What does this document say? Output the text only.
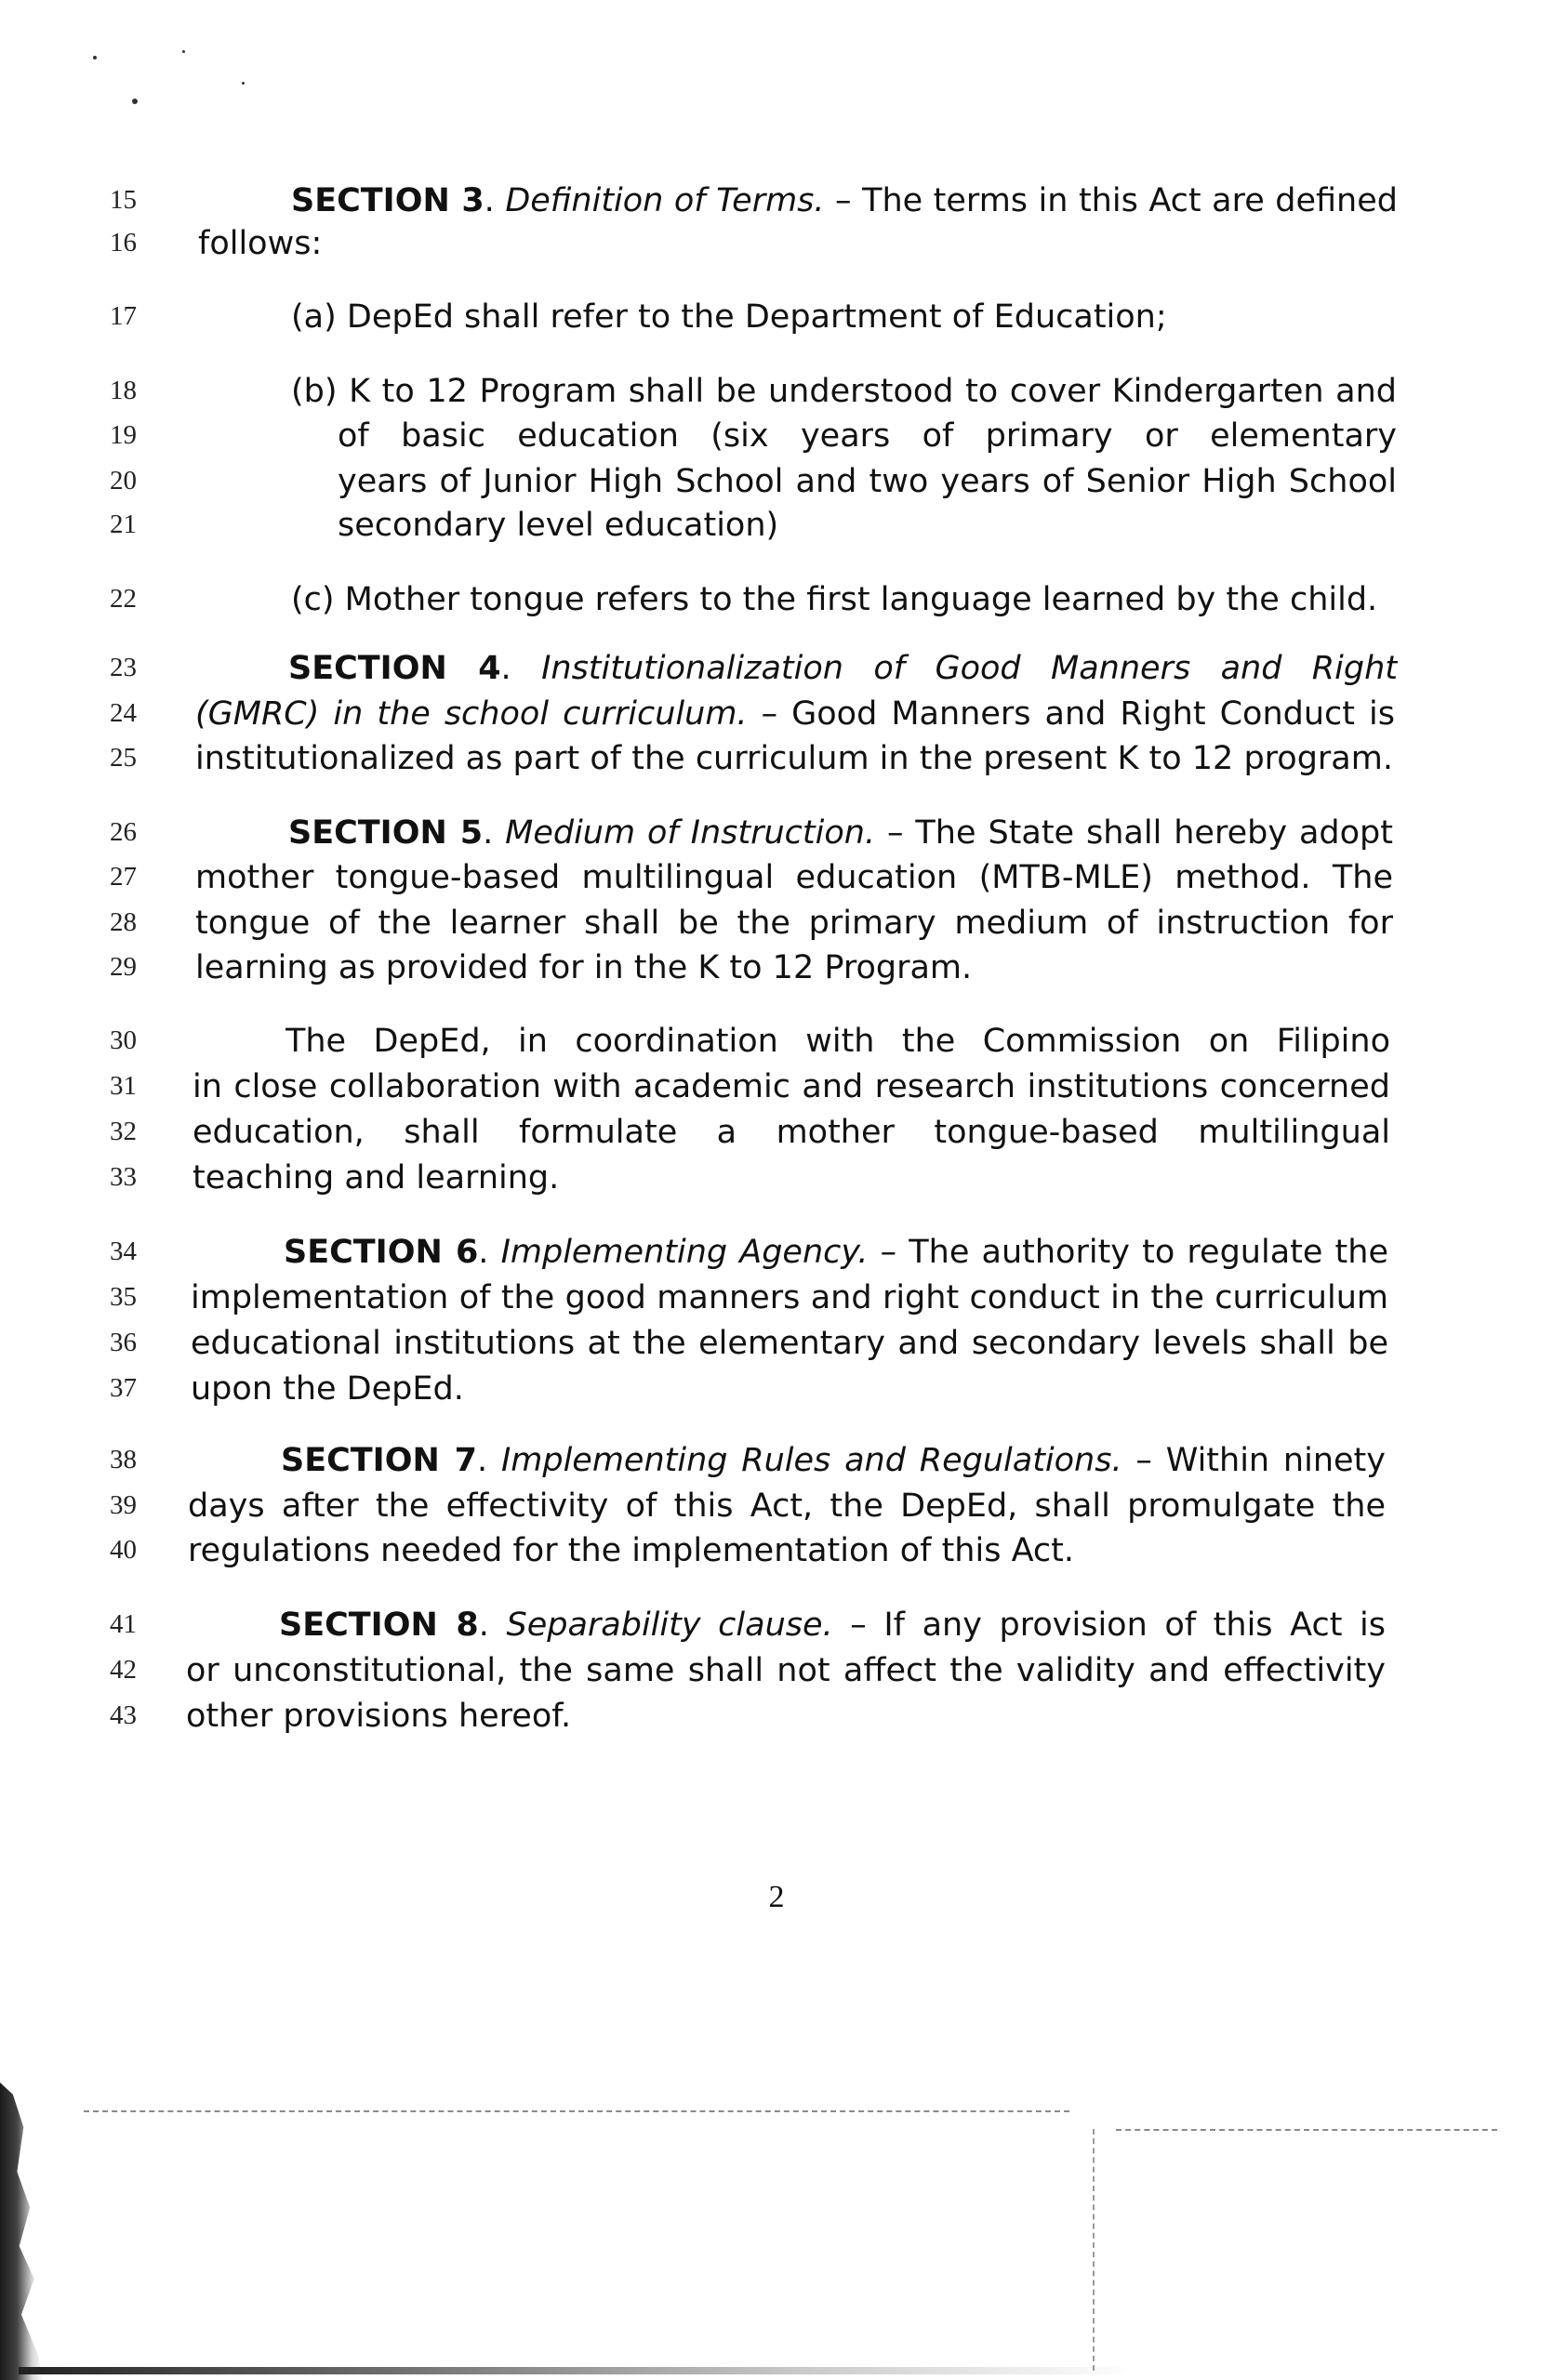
15	SECTION 3. Definition of Terms. – The terms in this Act are defined
16	follows:
17	(a) DepEd shall refer to the Department of Education;
18	(b) K to 12 Program shall be understood to cover Kindergarten and
19	of basic education (six years of primary or elementary
20	years of Junior High School and two years of Senior High School
21	secondary level education)
22	(c) Mother tongue refers to the first language learned by the child.
23	SECTION 4. Institutionalization of Good Manners and Right
24	(GMRC) in the school curriculum. – Good Manners and Right Conduct is
25	institutionalized as part of the curriculum in the present K to 12 program.
26	SECTION 5. Medium of Instruction. – The State shall hereby adopt
27	mother tongue-based multilingual education (MTB-MLE) method. The
28	tongue of the learner shall be the primary medium of instruction for
29	learning as provided for in the K to 12 Program.
30	The DepEd, in coordination with the Commission on Filipino
31	in close collaboration with academic and research institutions concerned
32	education, shall formulate a mother tongue-based multilingual
33	teaching and learning.
34	SECTION 6. Implementing Agency. – The authority to regulate the
35	implementation of the good manners and right conduct in the curriculum
36	educational institutions at the elementary and secondary levels shall be
37	upon the DepEd.
38	SECTION 7. Implementing Rules and Regulations. – Within ninety
39	days after the effectivity of this Act, the DepEd, shall promulgate the
40	regulations needed for the implementation of this Act.
41	SECTION 8. Separability clause. – If any provision of this Act is
42	or unconstitutional, the same shall not affect the validity and effectivity
43	other provisions hereof.
2
